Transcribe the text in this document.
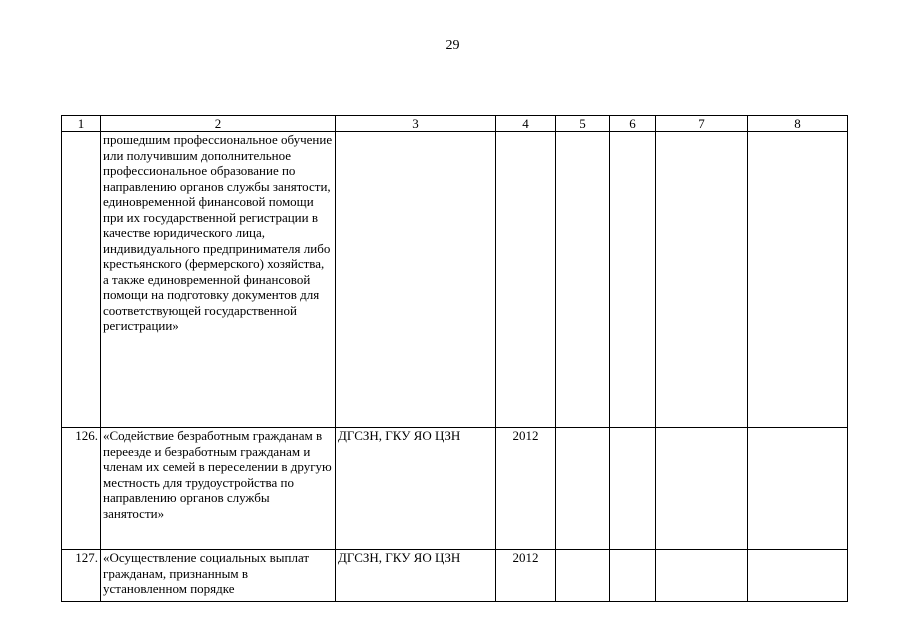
29
1	2	3	4	5	6	7	8
	прошедшим профессиональное обучение или получившим дополнительное профессиональное образование по направлению органов службы занятости, единовременной финансовой помощи при их государственной регистрации в качестве юридического лица, индивидуального предпринимателя либо крестьянского (фермерского) хозяйства, а также единовременной финансовой помощи на подготовку документов для соответствующей государственной регистрации»						
126.	«Содействие безработным гражданам в переезде и безработным гражданам и членам их семей в переселении в другую местность для трудоустройства по направлению органов службы занятости»	ДГСЗН, ГКУ ЯО ЦЗН	2012				
127.	«Осуществление социальных выплат гражданам, признанным в установленном порядке	ДГСЗН, ГКУ ЯО ЦЗН	2012				
